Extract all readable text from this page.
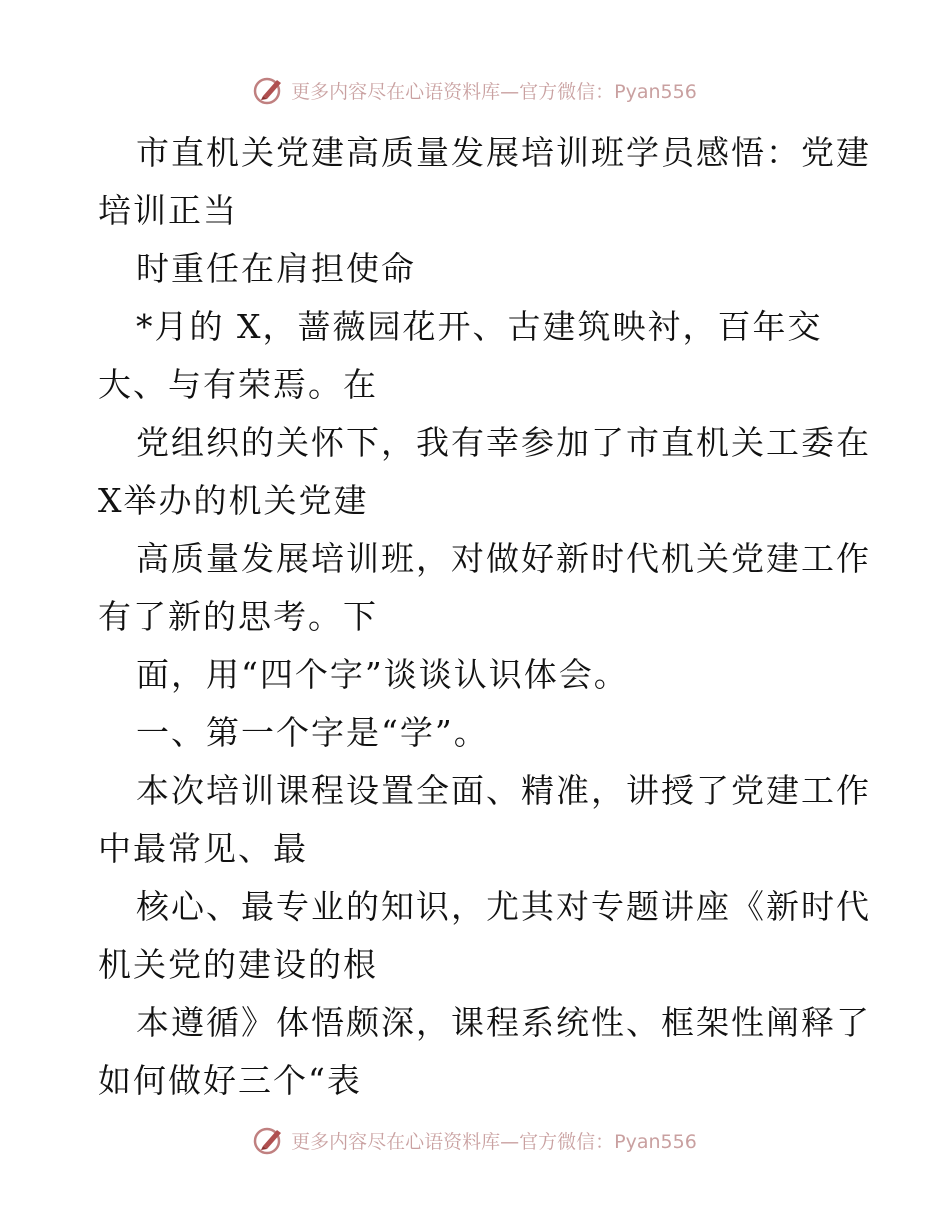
更多内容尽在心语资料库—官方微信：Pyan556
市直机关党建高质量发展培训班学员感悟：党建
培训正当
时重任在肩担使命
*月的 X，蔷薇园花开、古建筑映衬，百年交
大、与有荣焉。在
党组织的关怀下，我有幸参加了市直机关工委在
X举办的机关党建
高质量发展培训班，对做好新时代机关党建工作
有了新的思考。下
面，用“四个字”谈谈认识体会。
一、第一个字是“学”。
本次培训课程设置全面、精准，讲授了党建工作
中最常见、最
核心、最专业的知识，尤其对专题讲座《新时代
机关党的建设的根
本遵循》体悟颇深，课程系统性、框架性阐释了
如何做好三个“表
更多内容尽在心语资料库—官方微信：Pyan556
